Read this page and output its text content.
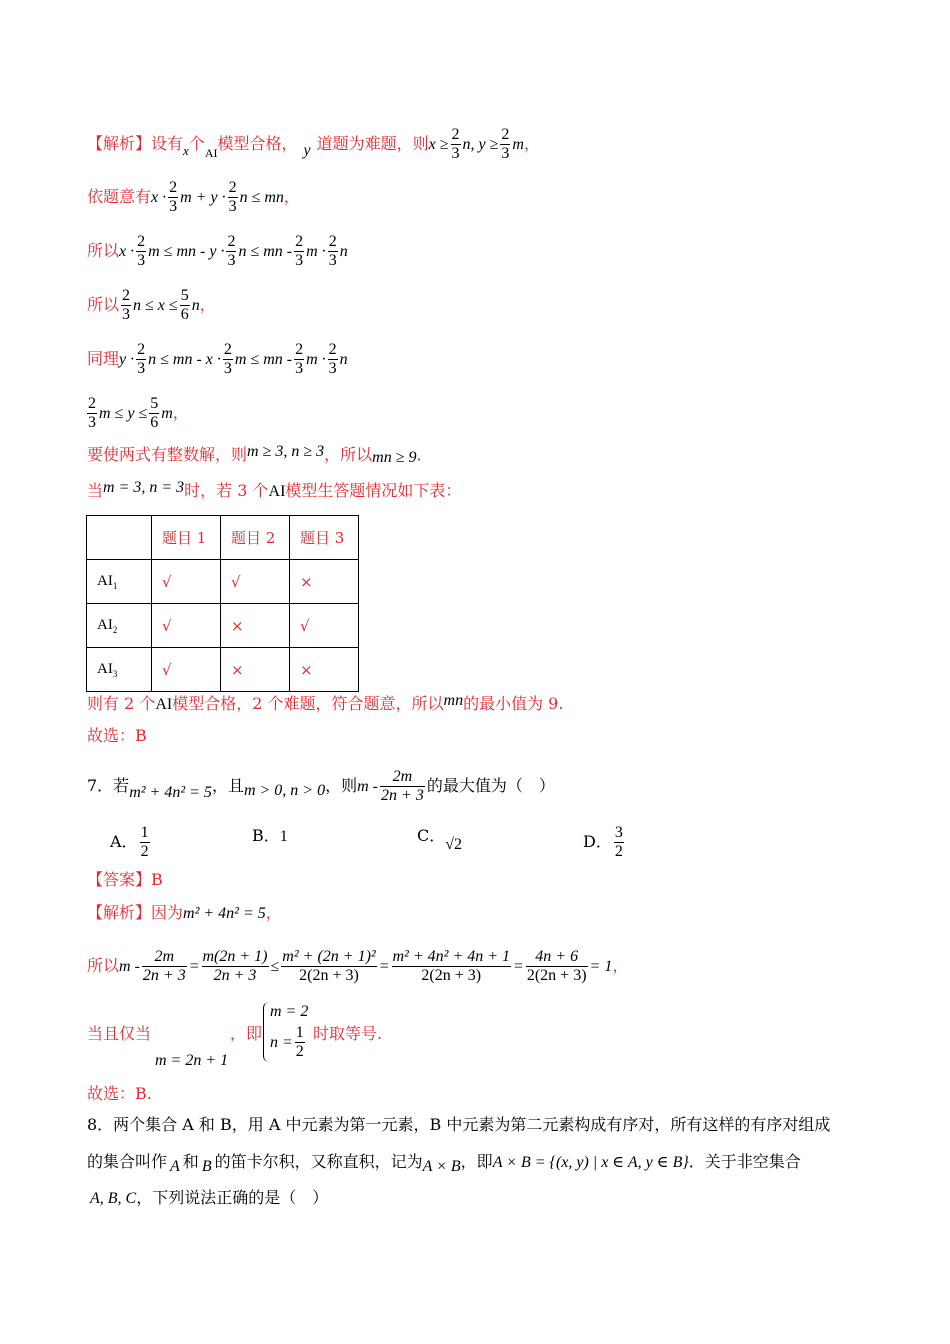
【解析】设有$_x$个$_{AI}$模型合格， y 道题为难题，则$x \ge \frac{2}{3} n$, $y \ge \frac{2}{3}$ m，
依题意有$x \cdot \frac{2}{3}$ $m + y \cdot \frac{2}{3}$ n ≤ mn，
所以$x \cdot \frac{2}{3}$ m ≤ mn - $y \cdot \frac{2}{3}$ n ≤ mn - $\frac{2}{3}$ $m \cdot \frac{2}{3}$ n
所以 $\frac{2}{3}$ $n \le x \le \frac{5}{6}$ n，
同理$y \cdot \frac{2}{3}$ n ≤ mn - $x \cdot \frac{2}{3}$ m ≤ mn - $\frac{2}{3}$ $m \cdot \frac{2}{3}$ n
$\frac{2}{3}$ $m \le y \le \frac{5}{6}$ m，
要使两式有整数解，则m ≥ 3, n ≥ 3，所以mn ≥ 9．
当m = 3, n = 3时，若 3 个AI模型生答题情况如下表：
	题目 1	题目 2	题目 3
$AI_1$	√	√	×
$AI_2$	√	×	√
$AI_3$	√	×	×
则有 2 个AI模型合格，2 个难题，符合题意，所以mn的最小值为 9.
故选：B
7．若m² + 4n² = 5，且m > 0, n > 0，则m - $\frac{2m}{2n + 3}$ 的最大值为（　）
A． $\frac{1}{2}$	B．1	C．√2	D． $\frac{3}{2}$
【答案】B
【解析】因为m² + 4n² = 5，
所以$m - \frac{2m}{2n + 3} = \frac{m(2n + 1)}{2n + 3} \le \frac{\text{m² + (2n + 1)²}}{2(2n + 3)} = \frac{\text{m² + 4n² + 4n + 1}}{2(2n + 3)} = \frac{4n + 6}{2(2n + 3)} = 1$，
当且仅当
m = 2n + 1
，即
m = 2
$n = \frac{1}{2}$ 时取等号.
故选：B.
8．两个集合 A 和 B，用 A 中元素为第一元素，B 中元素为第二元素构成有序对，所有这样的有序对组成
的集合叫作 A 和 B 的笛卡尔积，又称直积，记为A × B，即A × B = {(x, y) | x ∈ A, y ∈ B}．关于非空集合
A, B, C，下列说法正确的是（　）
